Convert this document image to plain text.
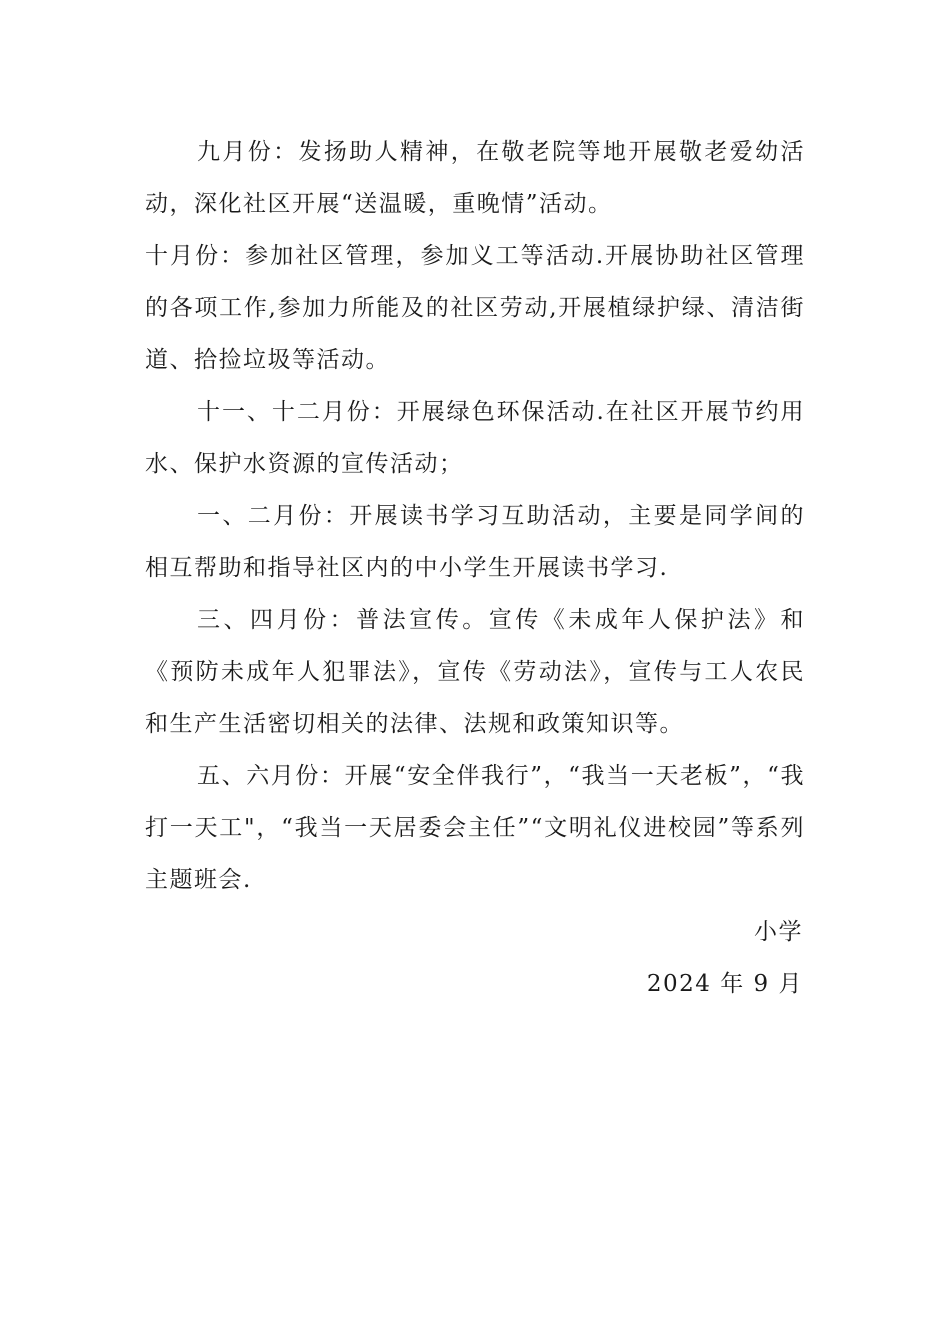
九月份：发扬助人精神，在敬老院等地开展敬老爱幼活动，深化社区开展“送温暖，重晚情”活动。

十月份：参加社区管理，参加义工等活动.开展协助社区管理的各项工作,参加力所能及的社区劳动,开展植绿护绿、清洁街道、拾捡垃圾等活动。

十一、十二月份：开展绿色环保活动.在社区开展节约用水、保护水资源的宣传活动；

一、二月份：开展读书学习互助活动，主要是同学间的相互帮助和指导社区内的中小学生开展读书学习.

三、四月份：普法宣传。宣传《未成年人保护法》和《预防未成年人犯罪法》，宣传《劳动法》，宣传与工人农民和生产生活密切相关的法律、法规和政策知识等。

五、六月份：开展“安全伴我行”，“我当一天老板”，“我打一天工"，“我当一天居委会主任”“文明礼仪进校园”等系列主题班会.

小学

2024 年 9 月
